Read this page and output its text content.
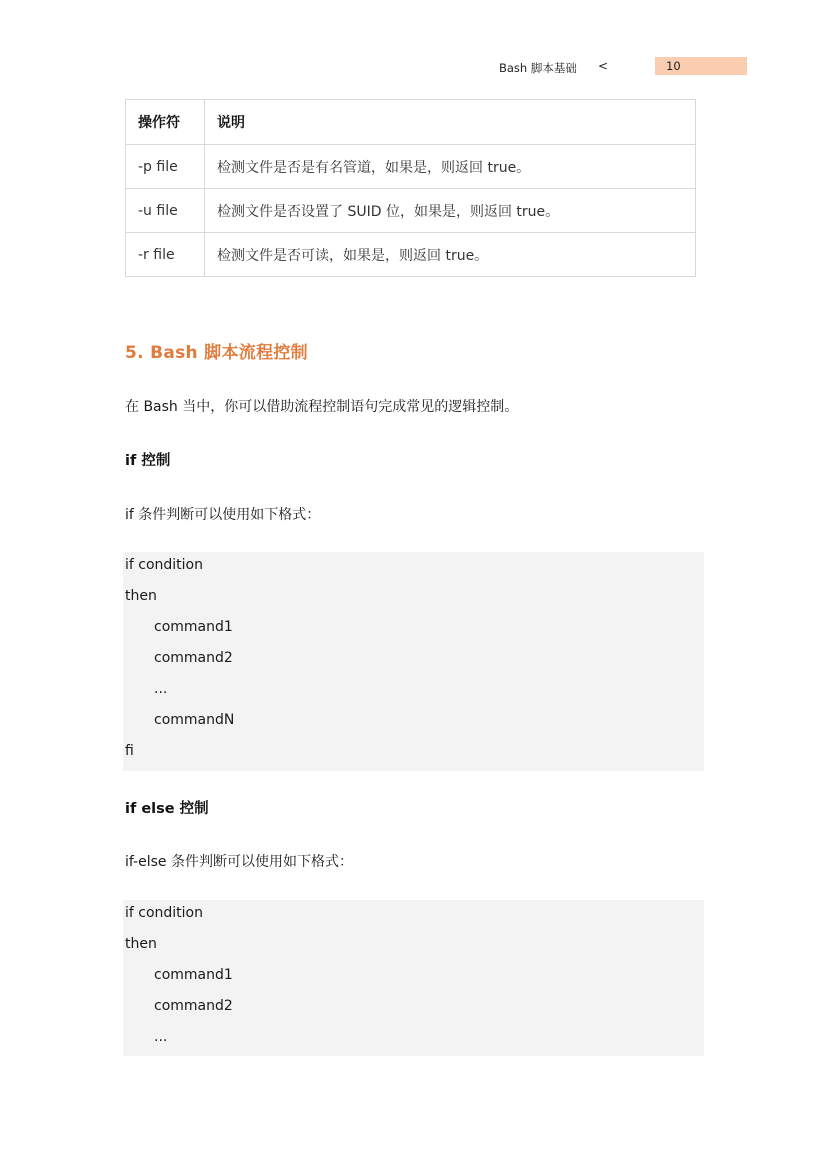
Bash 脚本基础 <	10
操作符	说明
-p file	检测文件是否是有名管道，如果是，则返回 true。
-u file	检测文件是否设置了 SUID 位，如果是，则返回 true。
-r file	检测文件是否可读，如果是，则返回 true。
5. Bash 脚本流程控制
在 Bash 当中，你可以借助流程控制语句完成常见的逻辑控制。
if 控制
if 条件判断可以使用如下格式：
if condition
then
command1
command2
...
commandN
fi
if else 控制
if-else 条件判断可以使用如下格式：
if condition
then
command1
command2
...
